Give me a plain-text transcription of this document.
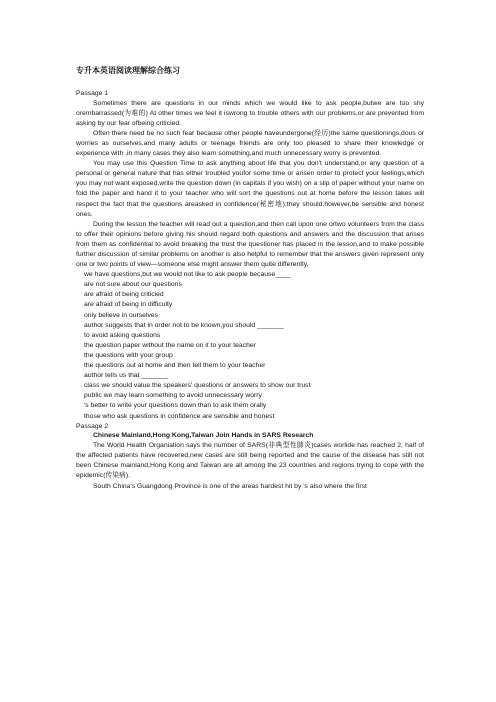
专升本英语阅读理解综合练习
Passage 1

Sometimes there are questions in our minds which we would like to ask people,butwe are too shy orembarrassed(为难的) At other times we feel it iswrong to trouble others with our problems,or are prevented from asking by our fear ofbeing criticied.

Often there need be no such fear because other people haveundergone(经历)the same questionings,dous or worries as ourselves,and many adults or teenage friends are only too pleased to share their knowledge or experience with ,in many cases they also learn something,and much unnecessary worry is prevented.

You may use this Question Time to ask anything about life that you don't understand,or any question of a personal or general nature that has either troubled youfor some time or arisen order to protect your feelings,which you may not want exposed,write the question down (in capitals if you wish) on a slip of paper without your name on fold the paper and hand it to your teacher who will sort the questions out at home before the lesson takes will respect the fact that the questions areasked in confidence(秘密地);they should,however,be sensible and honest ones.

During the lesson the teacher will read out a question,and then call upon one ortwo volunteers from the class to offer their opinions before giving his should regard both questions and answers and the discussion that arises from them as confidential to avoid breaking the trust the questioner has placed in the lesson,and to make possible further discussion of similar problems on another is also helpful to remember that the answers given represent only one or two points of view—someone else might answer them quite differently.

we have questions,but we would not like to ask people because____
are not sure about our questions
are afraid of being criticied
are afraid of being in difficulty
only believe in ourselves
author suggests that in order not to be known,you should _______
to avoid asking questions
the question paper without the name on it to your teacher
the questions with your group
the questions out at home and then tell them to your teacher
author tells us that _______
class we should value the speakers' questions or answers to show our trust
public we may learn something to avoid unnecessary worry
's better to write your questions down than to ask them orally
those who ask questions in confidence are sensible and honest
Passage 2
Chinese Mainland,Hong Kong,Taiwan Join Hands in SARS Research

The World Health Organiation says the number of SARS(非典型性肺炎)cases worlide has reached 2, half of the affected patients have recovered,new cases are still being reported and the cause of the disease has still not been Chinese mainland,Hong Kong and Taiwan are all among the 23 countries and regions trying to cope with the epidemic(传染病).

South China's Guangdong Province is one of the areas hardest hit by 's also where the first
